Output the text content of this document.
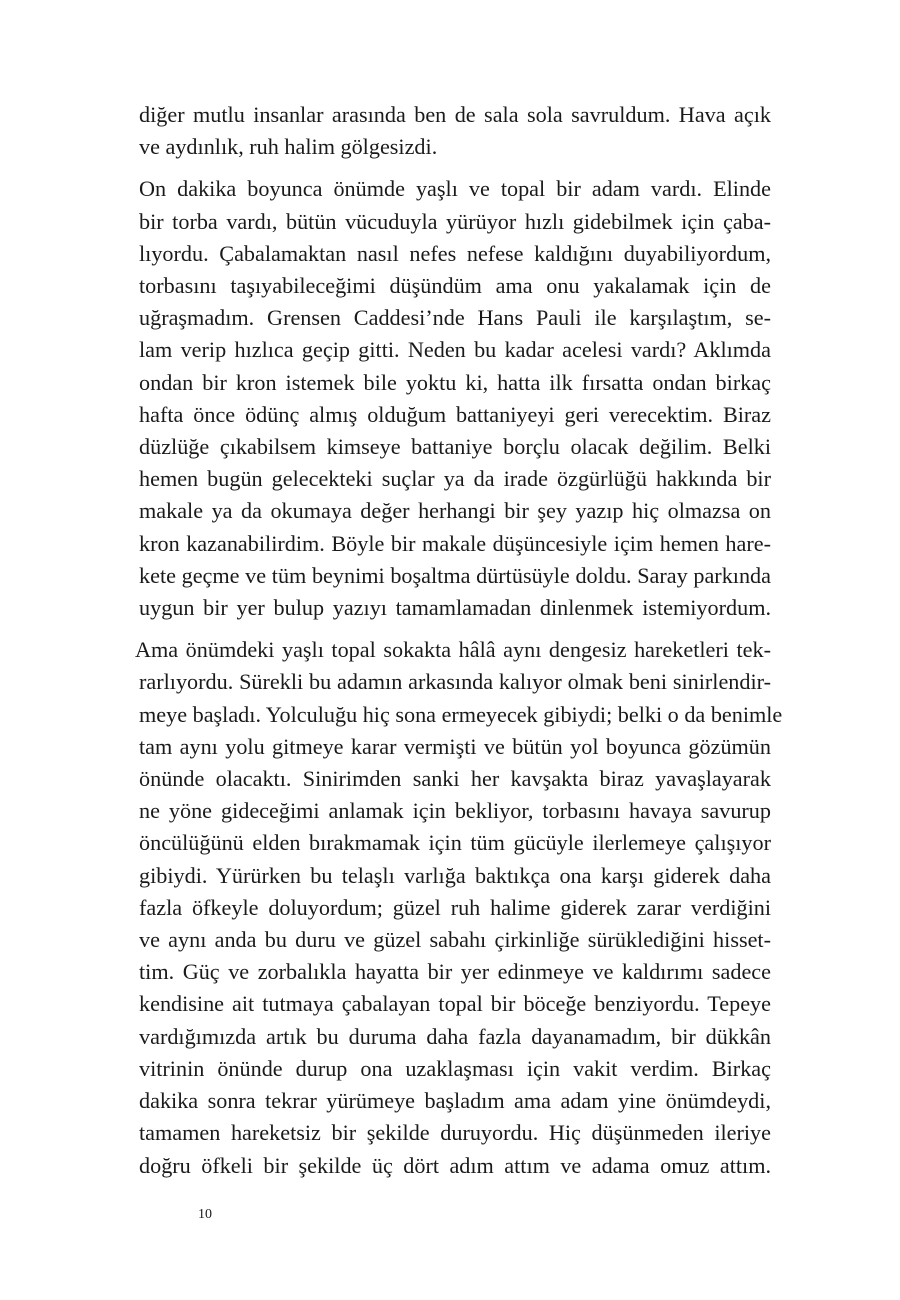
diğer mutlu insanlar arasında ben de sala sola savruldum. Hava açık
ve aydınlık, ruh halim gölgesizdi.

On dakika boyunca önümde yaşlı ve topal bir adam vardı. Elinde
bir torba vardı, bütün vücuduyla yürüyor hızlı gidebilmek için çaba-
lıyordu. Çabalamaktan nasıl nefes nefese kaldığını duyabiliyordum,
torbasını taşıyabileceğimi düşündüm ama onu yakalamak için de
uğraşmadım. Grensen Caddesi’nde Hans Pauli ile karşılaştım, se-
lam verip hızlıca geçip gitti. Neden bu kadar acelesi vardı? Aklımda
ondan bir kron istemek bile yoktu ki, hatta ilk fırsatta ondan birkaç
hafta önce ödünç almış olduğum battaniyeyi geri verecektim. Biraz
düzlüğe çıkabilsem kimseye battaniye borçlu olacak değilim. Belki
hemen bugün gelecekteki suçlar ya da irade özgürlüğü hakkında bir
makale ya da okumaya değer herhangi bir şey yazıp hiç olmazsa on
kron kazanabilirdim. Böyle bir makale düşüncesiyle içim hemen hare-
kete geçme ve tüm beynimi boşaltma dürtüsüyle doldu. Saray parkında
uygun bir yer bulup yazıyı tamamlamadan dinlenmek istemiyordum.

Ama önümdeki yaşlı topal sokakta hâlâ aynı dengesiz hareketleri tek-
rarlıyordu. Sürekli bu adamın arkasında kalıyor olmak beni sinirlendir-
meye başladı. Yolculuğu hiç sona ermeyecek gibiydi; belki o da benimle
tam aynı yolu gitmeye karar vermişti ve bütün yol boyunca gözümün
önünde olacaktı. Sinirimden sanki her kavşakta biraz yavaşlayarak
ne yöne gideceğimi anlamak için bekliyor, torbasını havaya savurup
öncülüğünü elden bırakmamak için tüm gücüyle ilerlemeye çalışıyor
gibiydi. Yürürken bu telaşlı varlığa baktıkça ona karşı giderek daha
fazla öfkeyle doluyordum; güzel ruh halime giderek zarar verdiğini
ve aynı anda bu duru ve güzel sabahı çirkinliğe sürüklediğini hisset-
tim. Güç ve zorbalıkla hayatta bir yer edinmeye ve kaldırımı sadece
kendisine ait tutmaya çabalayan topal bir böceğe benziyordu. Tepeye
vardığımızda artık bu duruma daha fazla dayanamadım, bir dükkân
vitrinin önünde durup ona uzaklaşması için vakit verdim. Birkaç
dakika sonra tekrar yürümeye başladım ama adam yine önümdeydi,
tamamen hareketsiz bir şekilde duruyordu. Hiç düşünmeden ileriye
doğru öfkeli bir şekilde üç dört adım attım ve adama omuz attım.

10
